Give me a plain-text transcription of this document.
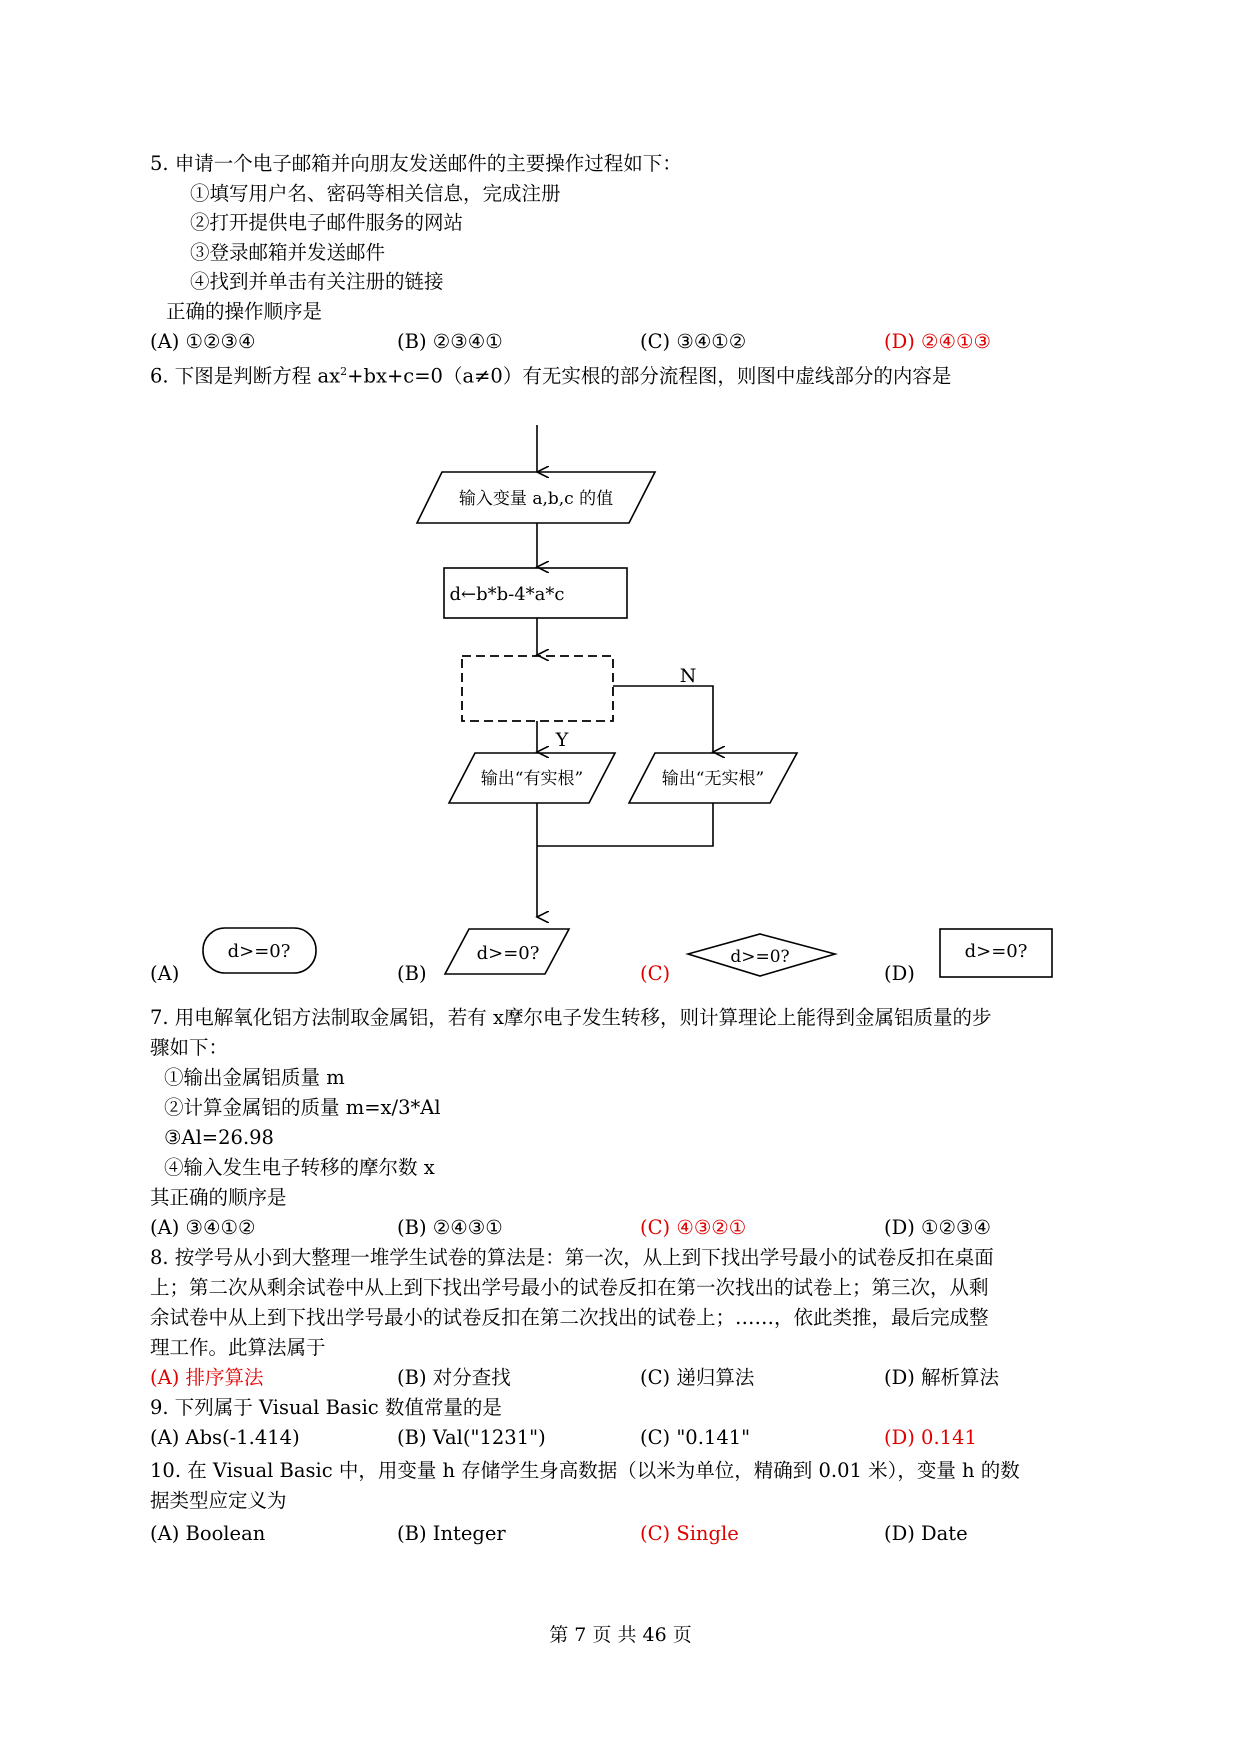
5. 申请一个电子邮箱并向朋友发送邮件的主要操作过程如下：
①填写用户名、密码等相关信息，完成注册
②打开提供电子邮件服务的网站
③登录邮箱并发送邮件
④找到并单击有关注册的链接
正确的操作顺序是
(A) ①②③④	(B) ②③④①	(C) ③④①②	(D) ②④①③
6. 下图是判断方程 $ax^2+bx+c=0(a\ne 0)$有无实根的部分流程图，则图中虚线部分的内容是
输入变量 a,b,c 的值
d←b*b-4*a*c
N
Y
输出“有实根”	输出“无实根”
d>=0?	d>=0?	d>=0?	d>=0?
(A)	(B)	(C)	(D)
7. 用电解氧化铝方法制取金属铝，若有 x摩尔电子发生转移，则计算理论上能得到金属铝质量的步
骤如下：
①输出金属铝质量 m
②计算金属铝的质量 m=x/3*Al
③Al=26.98
④输入发生电子转移的摩尔数 x
其正确的顺序是
(A) ③④①②	(B) ②④③①	(C) ④③②①	(D) ①②③④
8. 按学号从小到大整理一堆学生试卷的算法是：第一次，从上到下找出学号最小的试卷反扣在桌面
上；第二次从剩余试卷中从上到下找出学号最小的试卷反扣在第一次找出的试卷上；第三次，从剩
余试卷中从上到下找出学号最小的试卷反扣在第二次找出的试卷上；……，依此类推，最后完成整
理工作。此算法属于
(A) 排序算法	(B) 对分查找	(C) 递归算法	(D) 解析算法
9. 下列属于 Visual Basic 数值常量的是
(A) Abs(-1.414)	(B) Val("1231")	(C) "0.141"	(D) 0.141
10. 在 Visual Basic 中，用变量 h 存储学生身高数据（以米为单位，精确到 0.01 米），变量 h 的数
据类型应定义为
(A) Boolean	(B) Integer	(C) Single	(D) Date
第 7 页 共 46 页
